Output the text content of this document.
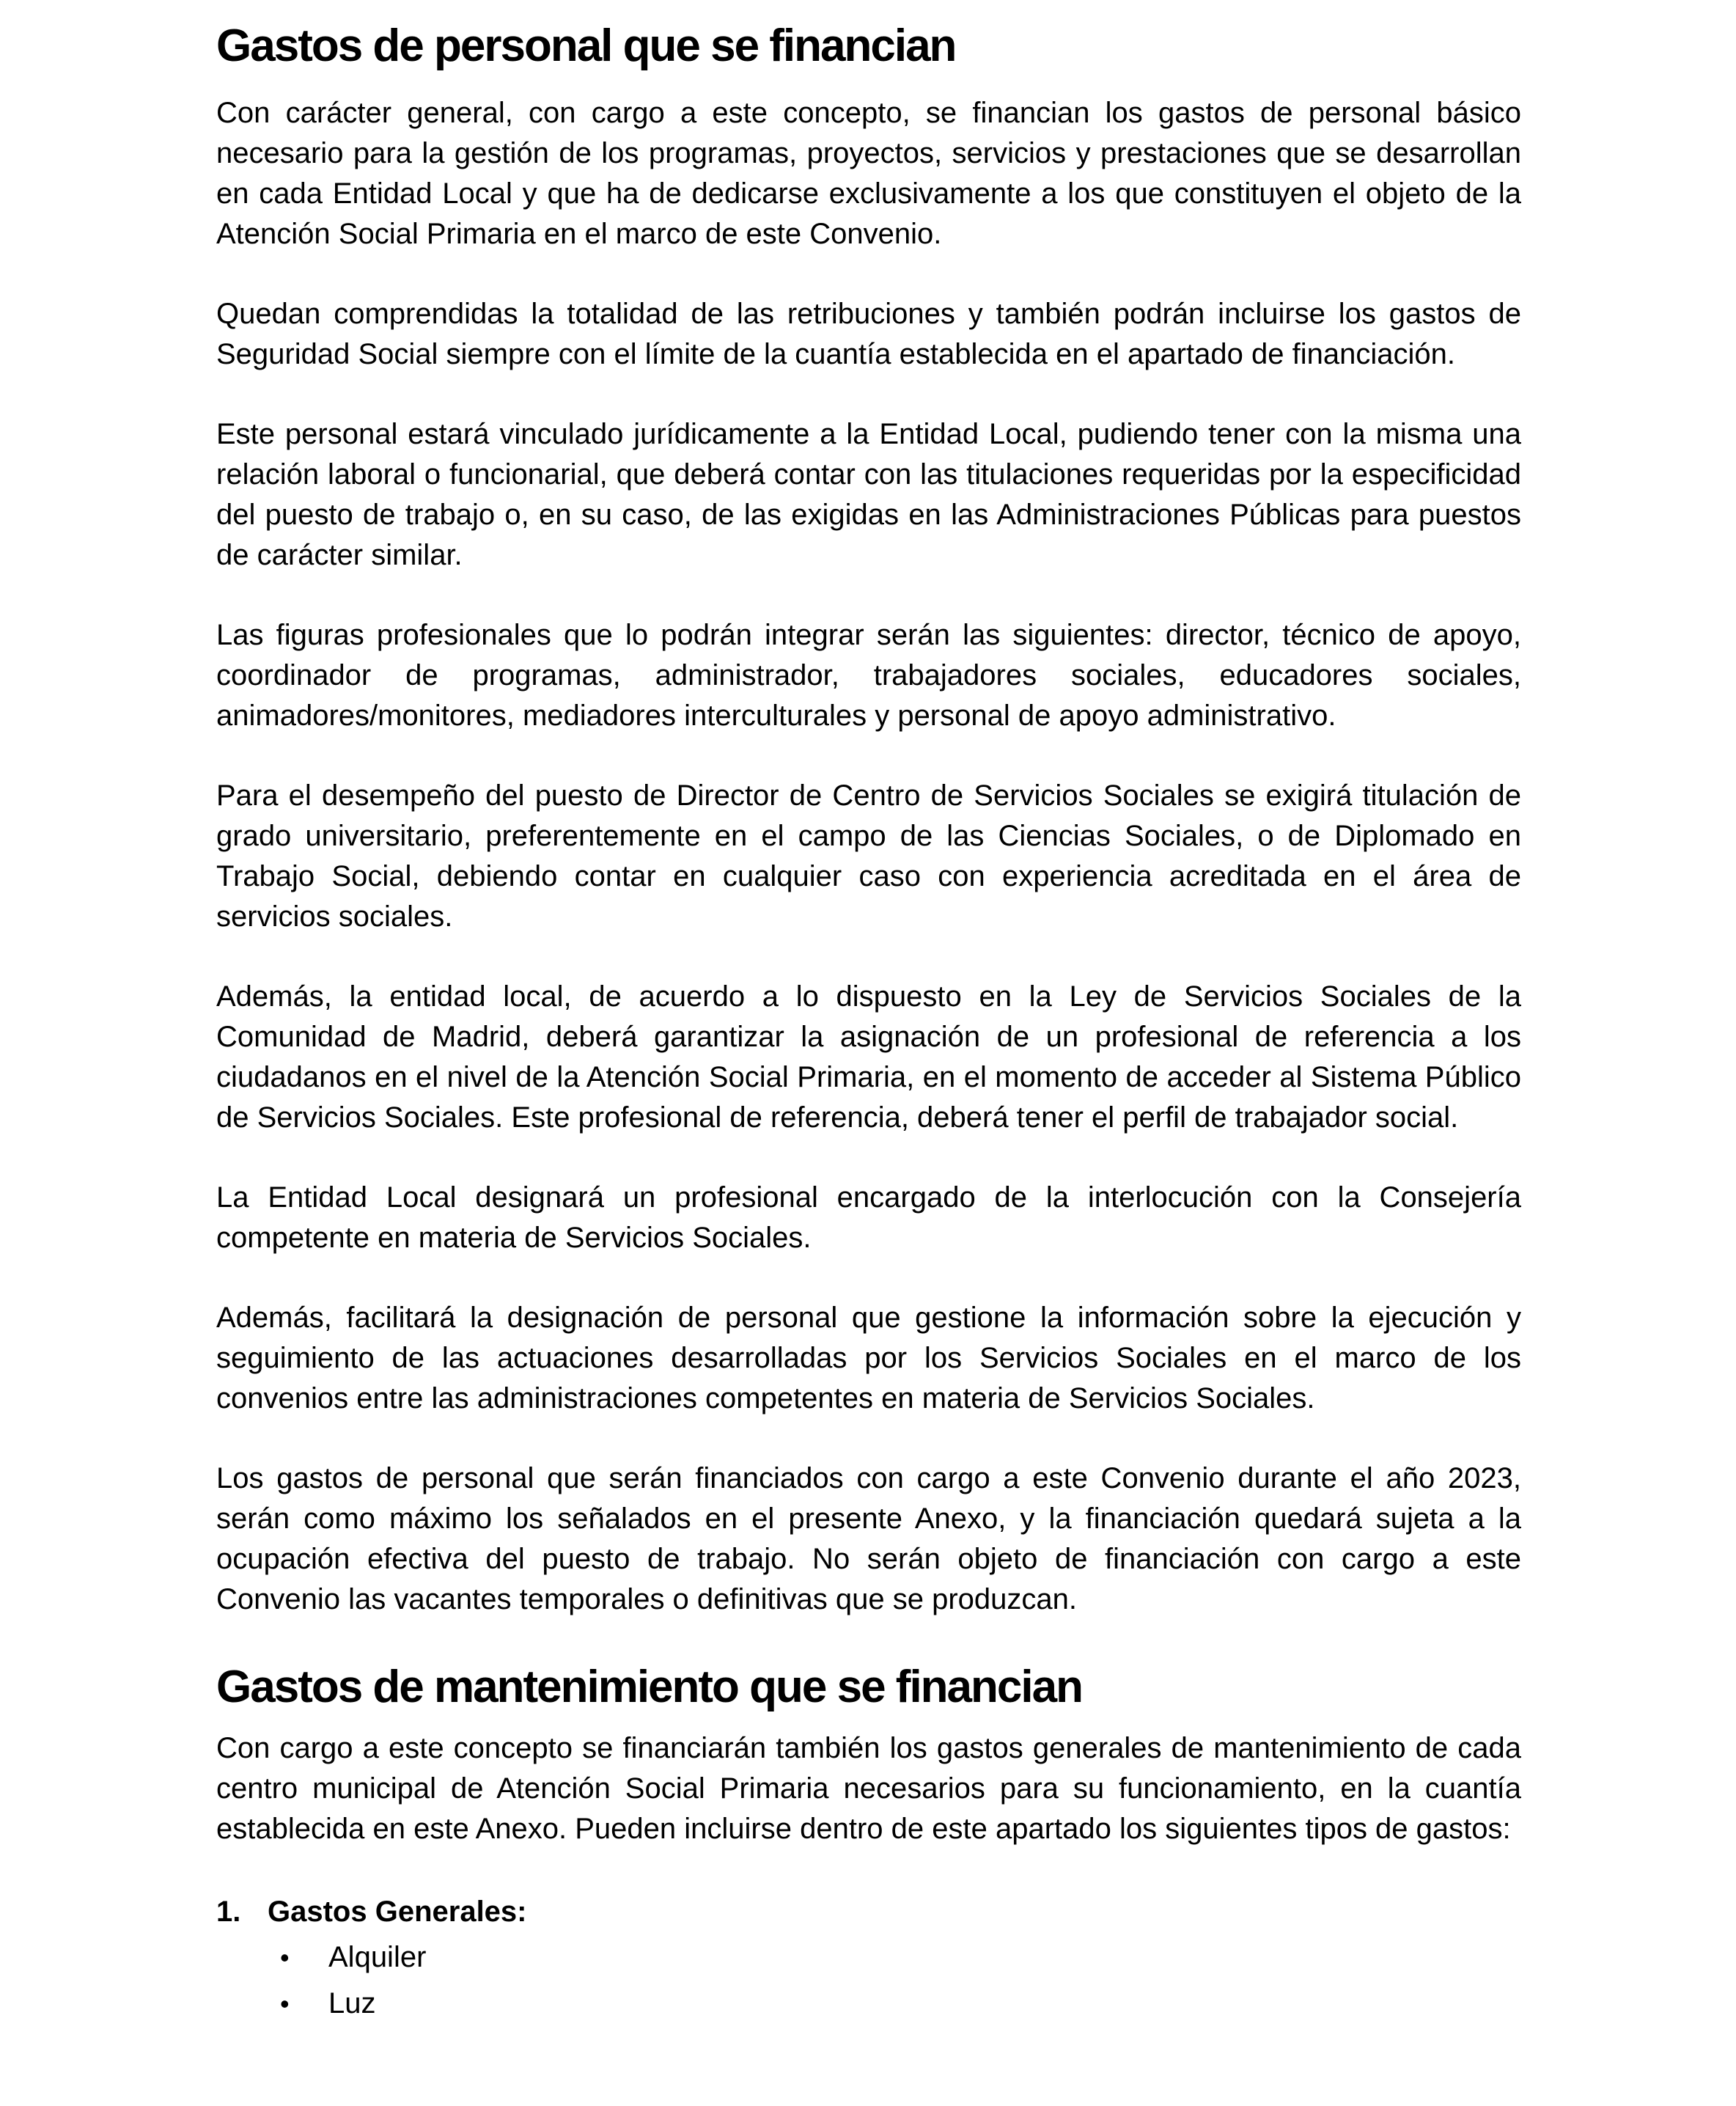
Gastos de personal que se financian

Con carácter general, con cargo a este concepto, se financian los gastos de personal básico necesario para la gestión de los programas, proyectos, servicios y prestaciones que se desarrollan en cada Entidad Local y que ha de dedicarse exclusivamente a los que constituyen el objeto de la Atención Social Primaria en el marco de este Convenio.

Quedan comprendidas la totalidad de las retribuciones y también podrán incluirse los gastos de Seguridad Social siempre con el límite de la cuantía establecida en el apartado de financiación.

Este personal estará vinculado jurídicamente a la Entidad Local, pudiendo tener con la misma una relación laboral o funcionarial, que deberá contar con las titulaciones requeridas por la especificidad del puesto de trabajo o, en su caso, de las exigidas en las Administraciones Públicas para puestos de carácter similar.

Las figuras profesionales que lo podrán integrar serán las siguientes: director, técnico de apoyo, coordinador de programas, administrador, trabajadores sociales, educadores sociales, animadores/monitores, mediadores interculturales y personal de apoyo administrativo.

Para el desempeño del puesto de Director de Centro de Servicios Sociales se exigirá titulación de grado universitario, preferentemente en el campo de las Ciencias Sociales, o de Diplomado en Trabajo Social, debiendo contar en cualquier caso con experiencia acreditada en el área de servicios sociales.

Además, la entidad local, de acuerdo a lo dispuesto en la Ley de Servicios Sociales de la Comunidad de Madrid, deberá garantizar la asignación de un profesional de referencia a los ciudadanos en el nivel de la Atención Social Primaria, en el momento de acceder al Sistema Público de Servicios Sociales. Este profesional de referencia, deberá tener el perfil de trabajador social.

La Entidad Local designará un profesional encargado de la interlocución con la Consejería competente en materia de Servicios Sociales.

Además, facilitará la designación de personal que gestione la información sobre la ejecución y seguimiento de las actuaciones desarrolladas por los Servicios Sociales en el marco de los convenios entre las administraciones competentes en materia de Servicios Sociales.

Los gastos de personal que serán financiados con cargo a este Convenio durante el año 2023, serán como máximo los señalados en el presente Anexo, y la financiación quedará sujeta a la ocupación efectiva del puesto de trabajo. No serán objeto de financiación con cargo a este Convenio las vacantes temporales o definitivas que se produzcan.

Gastos de mantenimiento que se financian

Con cargo a este concepto se financiarán también los gastos generales de mantenimiento de cada centro municipal de Atención Social Primaria necesarios para su funcionamiento, en la cuantía establecida en este Anexo. Pueden incluirse dentro de este apartado los siguientes tipos de gastos:

1. Gastos Generales:
•	Alquiler
•	Luz
